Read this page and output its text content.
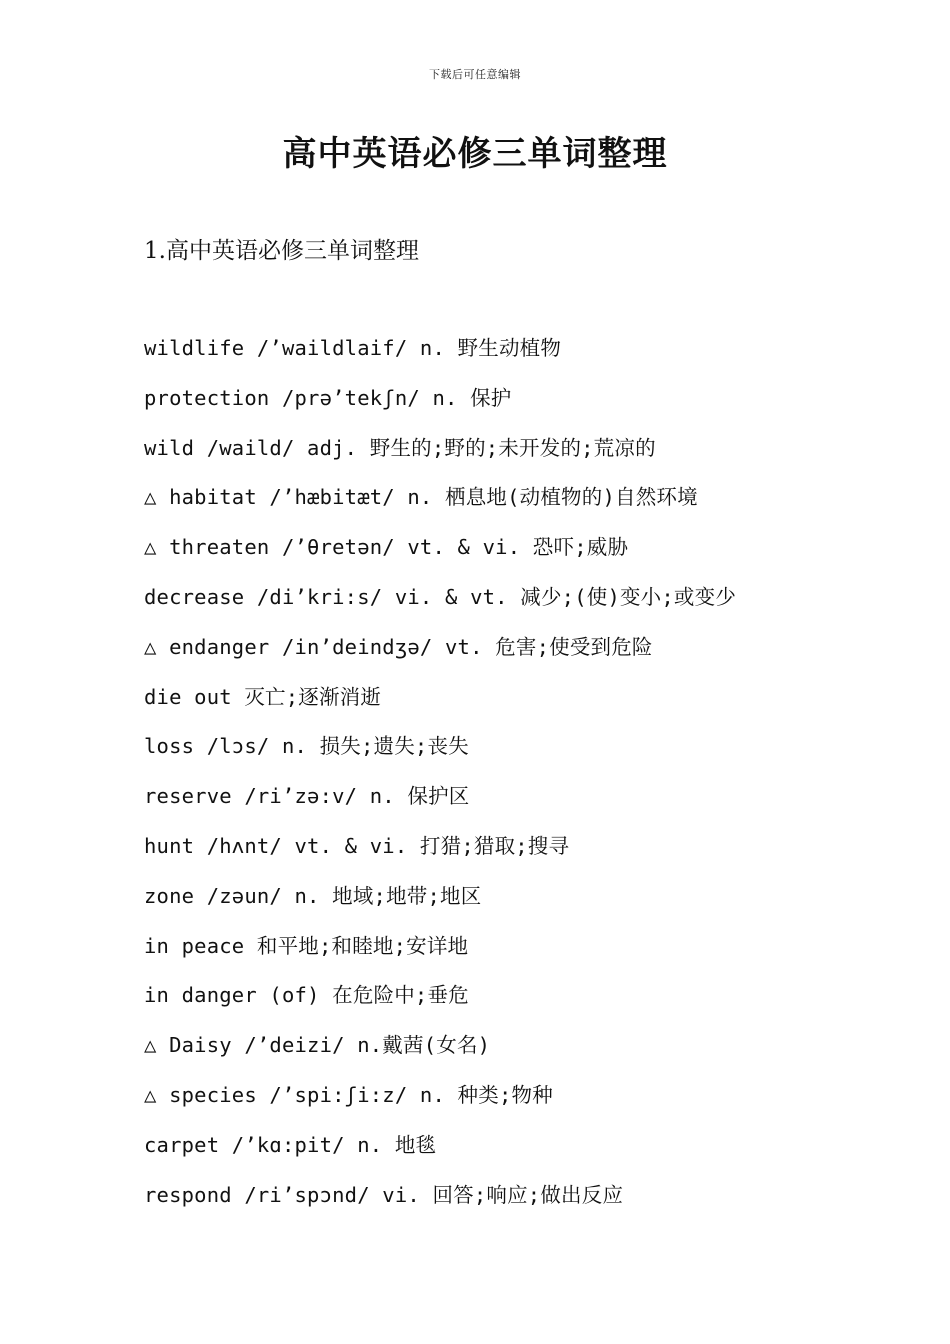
下载后可任意编辑
高中英语必修三单词整理
1.高中英语必修三单词整理
wildlife /’waildlaif/ n. 野生动植物
protection /prə’tekʃn/ n. 保护
wild /waild/ adj. 野生的;野的;未开发的;荒凉的
△ habitat /’hæbitæt/ n. 栖息地(动植物的)自然环境
△ threaten /’θretən/ vt. & vi. 恐吓;威胁
decrease /di’kri:s/ vi. & vt. 减少;(使)变小;或变少
△ endanger /in’deindʒə/ vt. 危害;使受到危险
die out 灭亡;逐渐消逝
loss /lɔs/ n. 损失;遗失;丧失
reserve /ri’zə:v/ n. 保护区
hunt /hʌnt/ vt. & vi. 打猎;猎取;搜寻
zone /zəun/ n. 地域;地带;地区
in peace 和平地;和睦地;安详地
in danger (of) 在危险中;垂危
△ Daisy /’deizi/ n.戴茜(女名)
△ species /’spi:ʃi:z/ n. 种类;物种
carpet /’kɑ:pit/ n. 地毯
respond /ri’spɔnd/ vi. 回答;响应;做出反应
